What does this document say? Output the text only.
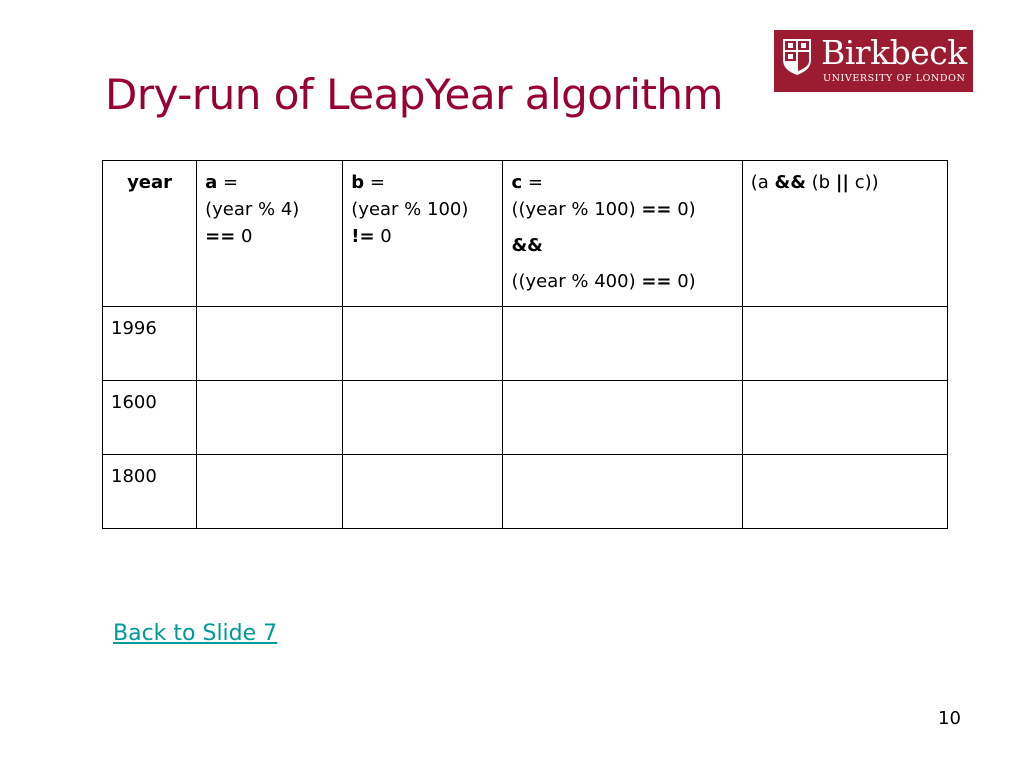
Dry-run of LeapYear algorithm
Birkbeck
UNIVERSITY OF LONDON
year	a =
(year % 4)
== 0	b =
(year % 100)
!= 0	c =
((year % 100) == 0)
&&
((year % 400) == 0)	(a && (b || c))
1996				
1600				
1800				
Back to Slide 7
10
